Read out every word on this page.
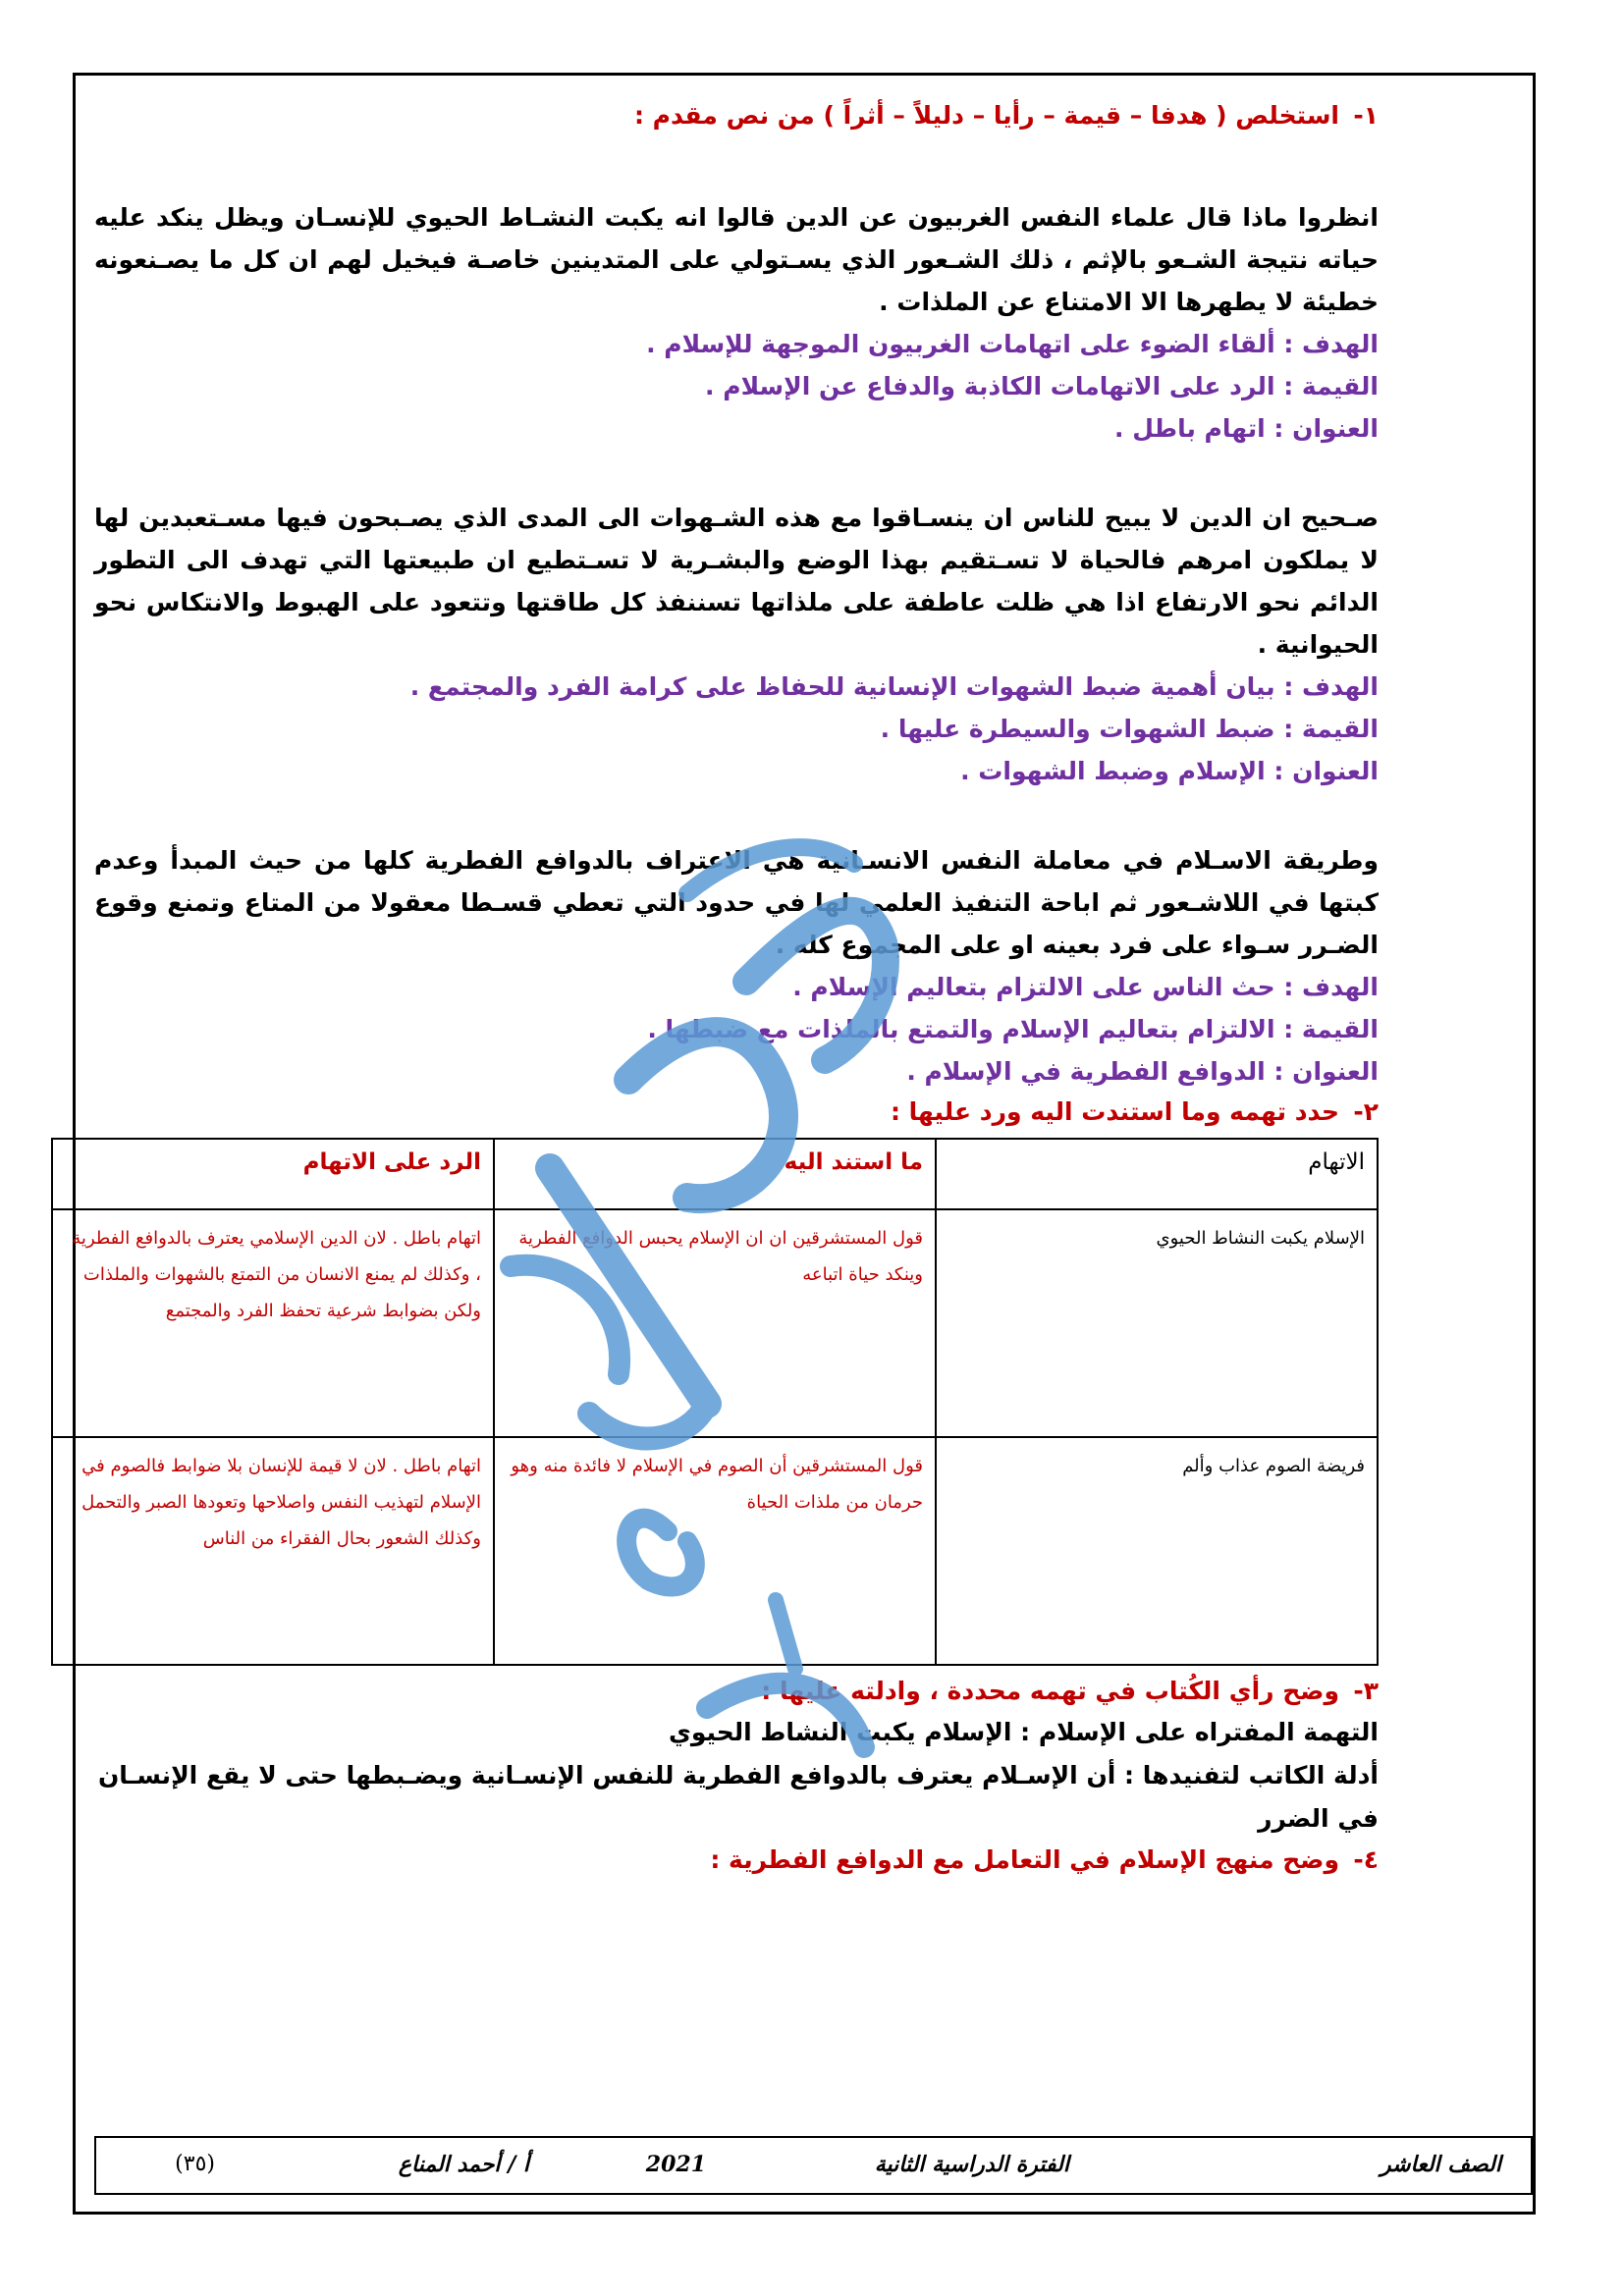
١-استخلص ( هدفا – قيمة – رأيا – دليلاً – أثراً ) من نص مقدم :

انظروا ماذا قال علماء النفس الغربيون عن الدين قالوا انه يكبت النشـاط الحيوي للإنسـان ويظل ينكد عليه حياته نتيجة الشـعو بالإثم ، ذلك الشـعور الذي يسـتولي على المتدينين خاصـة فيخيل لهم ان كل ما يصـنعونه خطيئة لا يطهرها الا الامتناع عن الملذات .

الهدف : ألقاء الضوء على اتهامات الغربيون الموجهة للإسلام .

القيمة : الرد على الاتهامات الكاذبة والدفاع عن الإسلام .

العنوان : اتهام باطل .

صـحيح ان الدين لا يبيح للناس ان ينسـاقوا مع هذه الشـهوات الى المدى الذي يصـبحون فيها مسـتعبدين لها لا يملكون امرهم فالحياة لا تسـتقيم بهذا الوضع والبشـرية لا تسـتطيع ان طبيعتها التي تهدف الى التطور الدائم نحو الارتفاع اذا هي ظلت عاطفة على ملذاتها تسننفذ كل طاقتها وتتعود على الهبوط والانتكاس نحو الحيوانية .

الهدف : بيان أهمية ضبط الشهوات الإنسانية للحفاظ على كرامة الفرد والمجتمع .

القيمة : ضبط الشهوات والسيطرة عليها .

العنوان : الإسلام وضبط الشهوات .

وطريقة الاسـلام في معاملة النفس الانسـانية هي الاعتراف بالدوافع الفطرية كلها من حيث المبدأ وعدم كبتها في اللاشـعور ثم اباحة التنفيذ العلمي لها في حدود التي تعطي قسـطا معقولا من المتاع وتمنع وقوع الضـرر سـواء على فرد بعينه او على المجموع كله .

الهدف : حث الناس على الالتزام بتعاليم الإسلام .

القيمة : الالتزام بتعاليم الإسلام والتمتع بالملذات مع ضبطها .

العنوان : الدوافع الفطرية في الإسلام .

٢-حدد تهمه وما استندت اليه ورد عليها :

الاتهام	ما استند اليه	الرد على الاتهام
الإسلام يكبت النشاط الحيوي	قول المستشرقين ان ان الإسلام يحبس الدوافع الفطرية وينكد حياة اتباعه	اتهام باطل . لان الدين الإسلامي يعترف بالدوافع الفطرية ، وكذلك لم يمنع الانسان من التمتع بالشهوات والملذات ولكن بضوابط شرعية تحفظ الفرد والمجتمع
فريضة الصوم عذاب وألم	قول المستشرقين أن الصوم في الإسلام لا فائدة منه وهو حرمان من ملذات الحياة	اتهام باطل . لان لا قيمة للإنسان بلا ضوابط فالصوم في الإسلام لتهذيب النفس واصلاحها وتعودها الصبر والتحمل وكذلك الشعور بحال الفقراء من الناس

٣-وضح رأي الكُتاب في تهمه محددة ، وادلته عليها :

التهمة المفتراه على الإسلام : الإسلام يكبت النشاط الحيوي

أدلة الكاتب لتفنيدها : أن الإسـلام يعترف بالدوافع الفطرية للنفس الإنسـانية ويضـبطها حتى لا يقع الإنسـان في الضرر

٤-وضح منهج الإسلام في التعامل مع الدوافع الفطرية :

الصف العاشر
الفترة الدراسية الثانية
2021
أ / أحمد المناع
(٣٥)
